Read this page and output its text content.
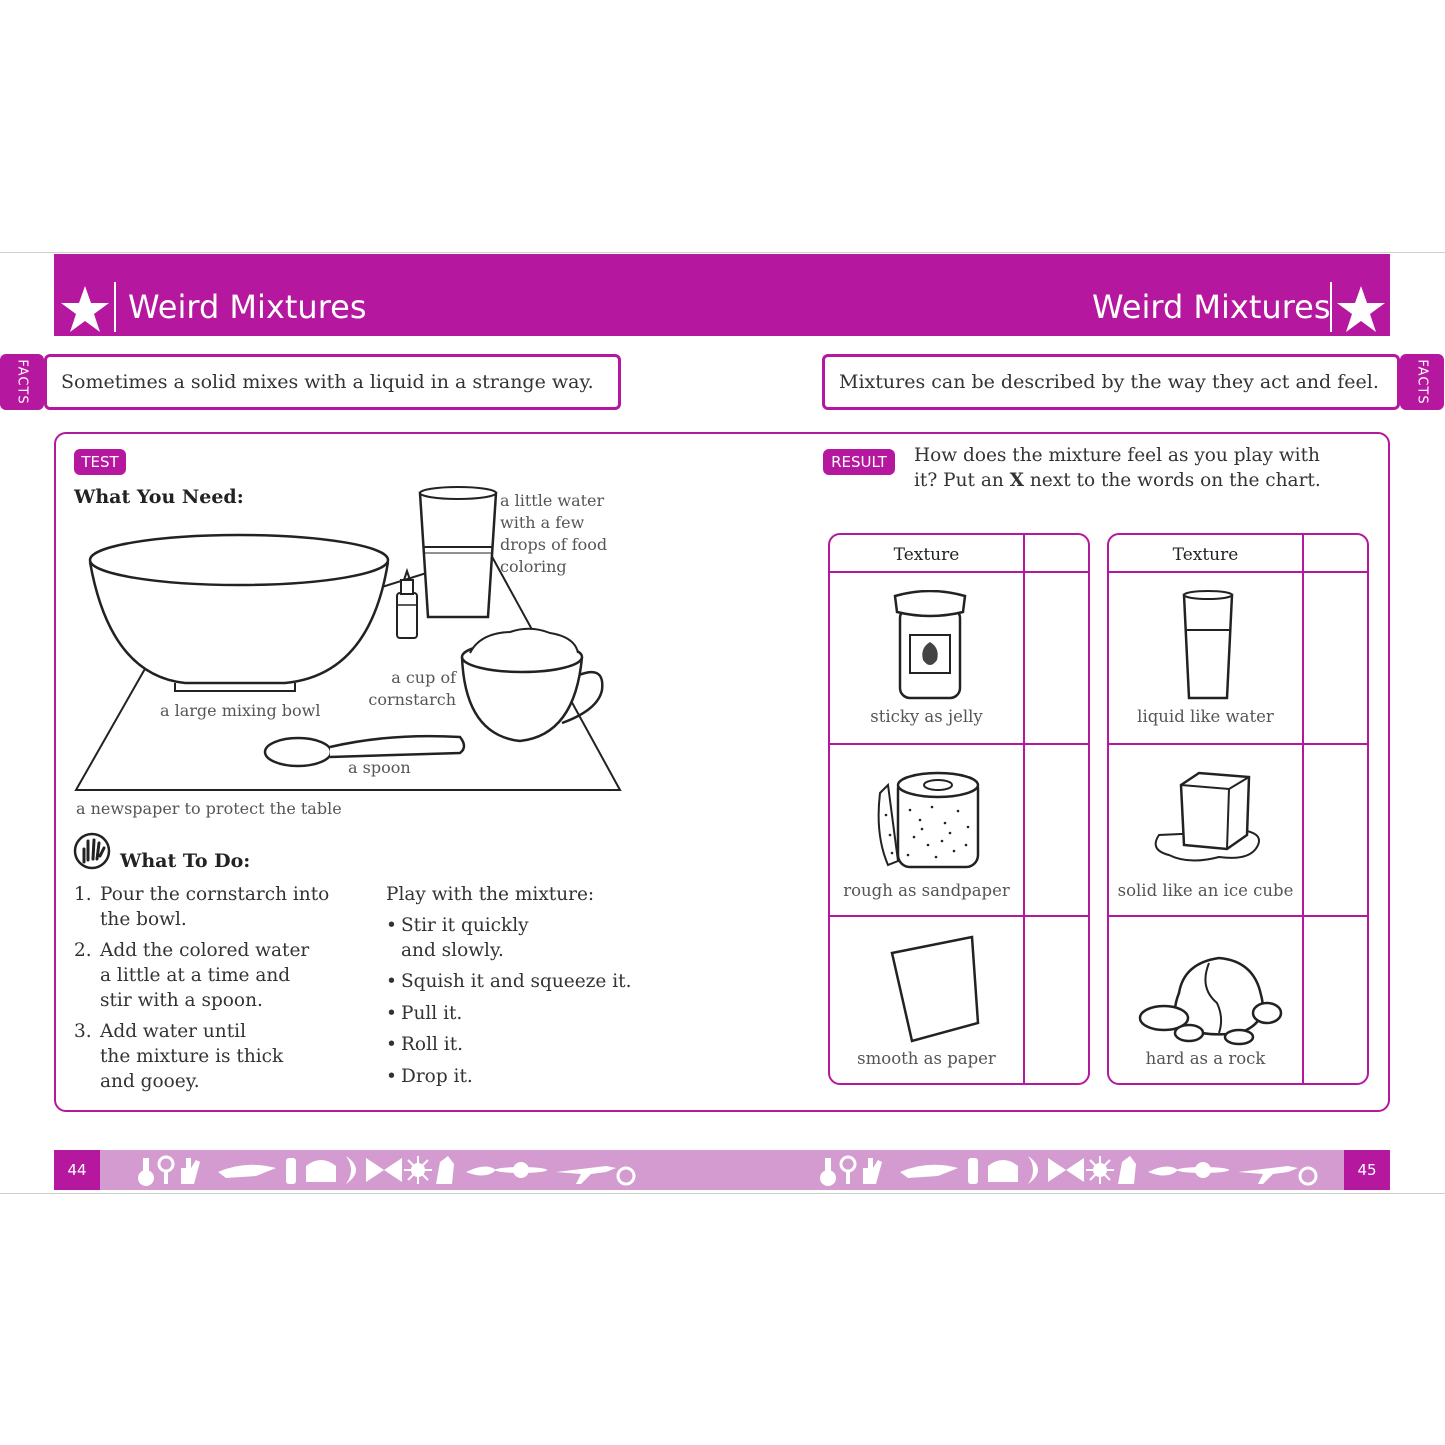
Weird Mixtures	Weird Mixtures
FACTS Sometimes a solid mixes with a liquid in a strange way.	Mixtures can be described by the way they act and feel.	FACTS
TEST
What You Need:	a little water
with a few
drops of food
coloring
a cup of
cornstarch
a large mixing bowl
a spoon
a newspaper to protect the table
What To Do:
1. Pour the cornstarch into
the bowl.
2. Add the colored water
a little at a time and
stir with a spoon.
3. Add water until
the mixture is thick
and gooey.
Play with the mixture:
• Stir it quickly
and slowly.
• Squish it and squeeze it.
• Pull it.
• Roll it.
• Drop it.
RESULT	How does the mixture feel as you play with
it? Put an X next to the words on the chart.
Texture
sticky as jelly
rough as sandpaper
smooth as paper
Texture
liquid like water
solid like an ice cube
hard as a rock
44	45
